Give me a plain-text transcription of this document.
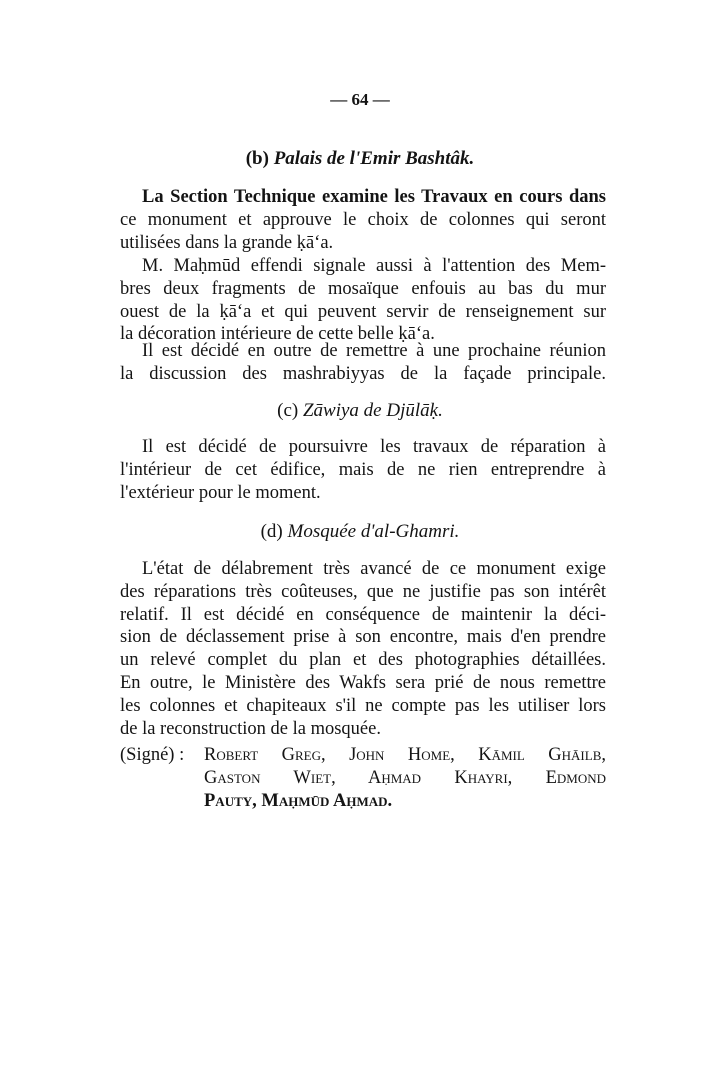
— 64 —
(b) Palais de l'Emir Bashtâk.
La Section Technique examine les Travaux en cours dans
ce monument et approuve le choix de colonnes qui seront
utilisées dans la grande ḳā‘a.
M. Maḥmūd effendi signale aussi à l'attention des Mem-
bres deux fragments de mosaïque enfouis au bas du mur
ouest de la ḳā‘a et qui peuvent servir de renseignement sur
la décoration intérieure de cette belle ḳā‘a.
Il est décidé en outre de remettre à une prochaine réunion
la discussion des mashrabiyyas de la façade principale.
(c) Zāwiya de Djūlāḳ.
Il est décidé de poursuivre les travaux de réparation à
l'intérieur de cet édifice, mais de ne rien entreprendre à
l'extérieur pour le moment.
(d) Mosquée d'al-Ghamri.
L'état de délabrement très avancé de ce monument exige
des réparations très coûteuses, que ne justifie pas son intérêt
relatif. Il est décidé en conséquence de maintenir la déci-
sion de déclassement prise à son encontre, mais d'en prendre
un relevé complet du plan et des photographies détaillées.
En outre, le Ministère des Wakfs sera prié de nous remettre
les colonnes et chapiteaux s'il ne compte pas les utiliser lors
de la reconstruction de la mosquée.
(Signé) : Robert Greg, John Home, Kāmil Ghāilb,
Gaston Wiet, Aḥmad Khayri, Edmond
Pauty, Maḥmūd Aḥmad.
